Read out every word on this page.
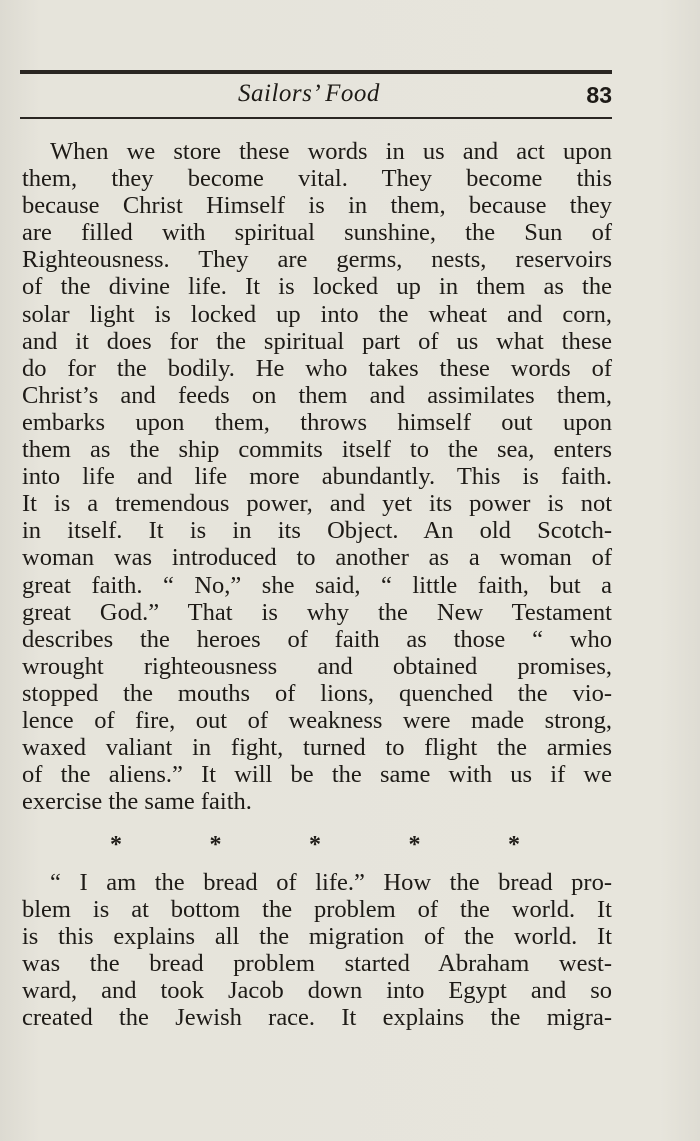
Sailors’ Food	83
When we store these words in us and act upon
them, they become vital. They become this
because Christ Himself is in them, because they
are filled with spiritual sunshine, the Sun of
Righteousness. They are germs, nests, reservoirs
of the divine life. It is locked up in them as the
solar light is locked up into the wheat and corn,
and it does for the spiritual part of us what these
do for the bodily. He who takes these words of
Christ’s and feeds on them and assimilates them,
embarks upon them, throws himself out upon
them as the ship commits itself to the sea, enters
into life and life more abundantly. This is faith.
It is a tremendous power, and yet its power is not
in itself. It is in its Object. An old Scotch-
woman was introduced to another as a woman of
great faith. “ No,” she said, “ little faith, but a
great God.” That is why the New Testament
describes the heroes of faith as those “ who
wrought righteousness and obtained promises,
stopped the mouths of lions, quenched the vio-
lence of fire, out of weakness were made strong,
waxed valiant in fight, turned to flight the armies
of the aliens.” It will be the same with us if we
exercise the same faith.
*	*	*	*	*
“ I am the bread of life.” How the bread pro-
blem is at bottom the problem of the world. It
is this explains all the migration of the world. It
was the bread problem started Abraham west-
ward, and took Jacob down into Egypt and so
created the Jewish race. It explains the migra-
